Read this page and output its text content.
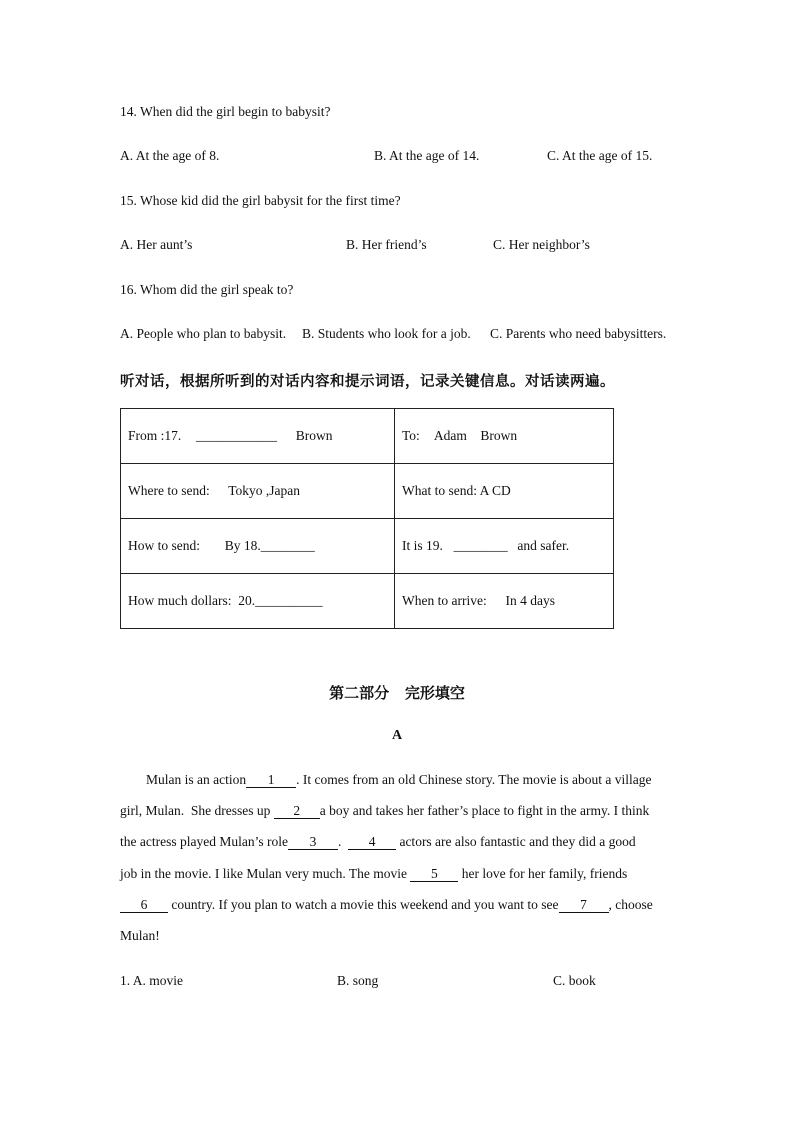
14. When did the girl begin to babysit?
A. At the age of 8.	B. At the age of 14.	C. At the age of 15.
15. Whose kid did the girl babysit for the first time?
A. Her aunt’s	B. Her friend’s	C. Her neighbor’s
16. Whom did the girl speak to?
A. People who plan to babysit. B. Students who look for a job. C. Parents who need babysitters.
听对话，根据所听到的对话内容和提示词语，记录关键信息。对话读两遍。
From :17. ____________ Brown	To: Adam    Brown
Where to send: Tokyo ,Japan	What to send: A CD
How to send: By 18.________	It is 19. ________ and safer.
How much dollars:  20.__________	When to arrive: In 4 days
第二部分   完形填空
A
Mulan is an action 1 . It comes from an old Chinese story. The movie is about a village
girl, Mulan.  She dresses up 2 a boy and takes her father’s place to fight in the army. I think
the actress played Mulan’s role 3 .  4 actors are also fantastic and they did a good
job in the movie. I like Mulan very much. The movie 5 her love for her family, friends
6 country. If you plan to watch a movie this weekend and you want to see 7 , choose
Mulan!
1. A. movie	B. song	C. book
